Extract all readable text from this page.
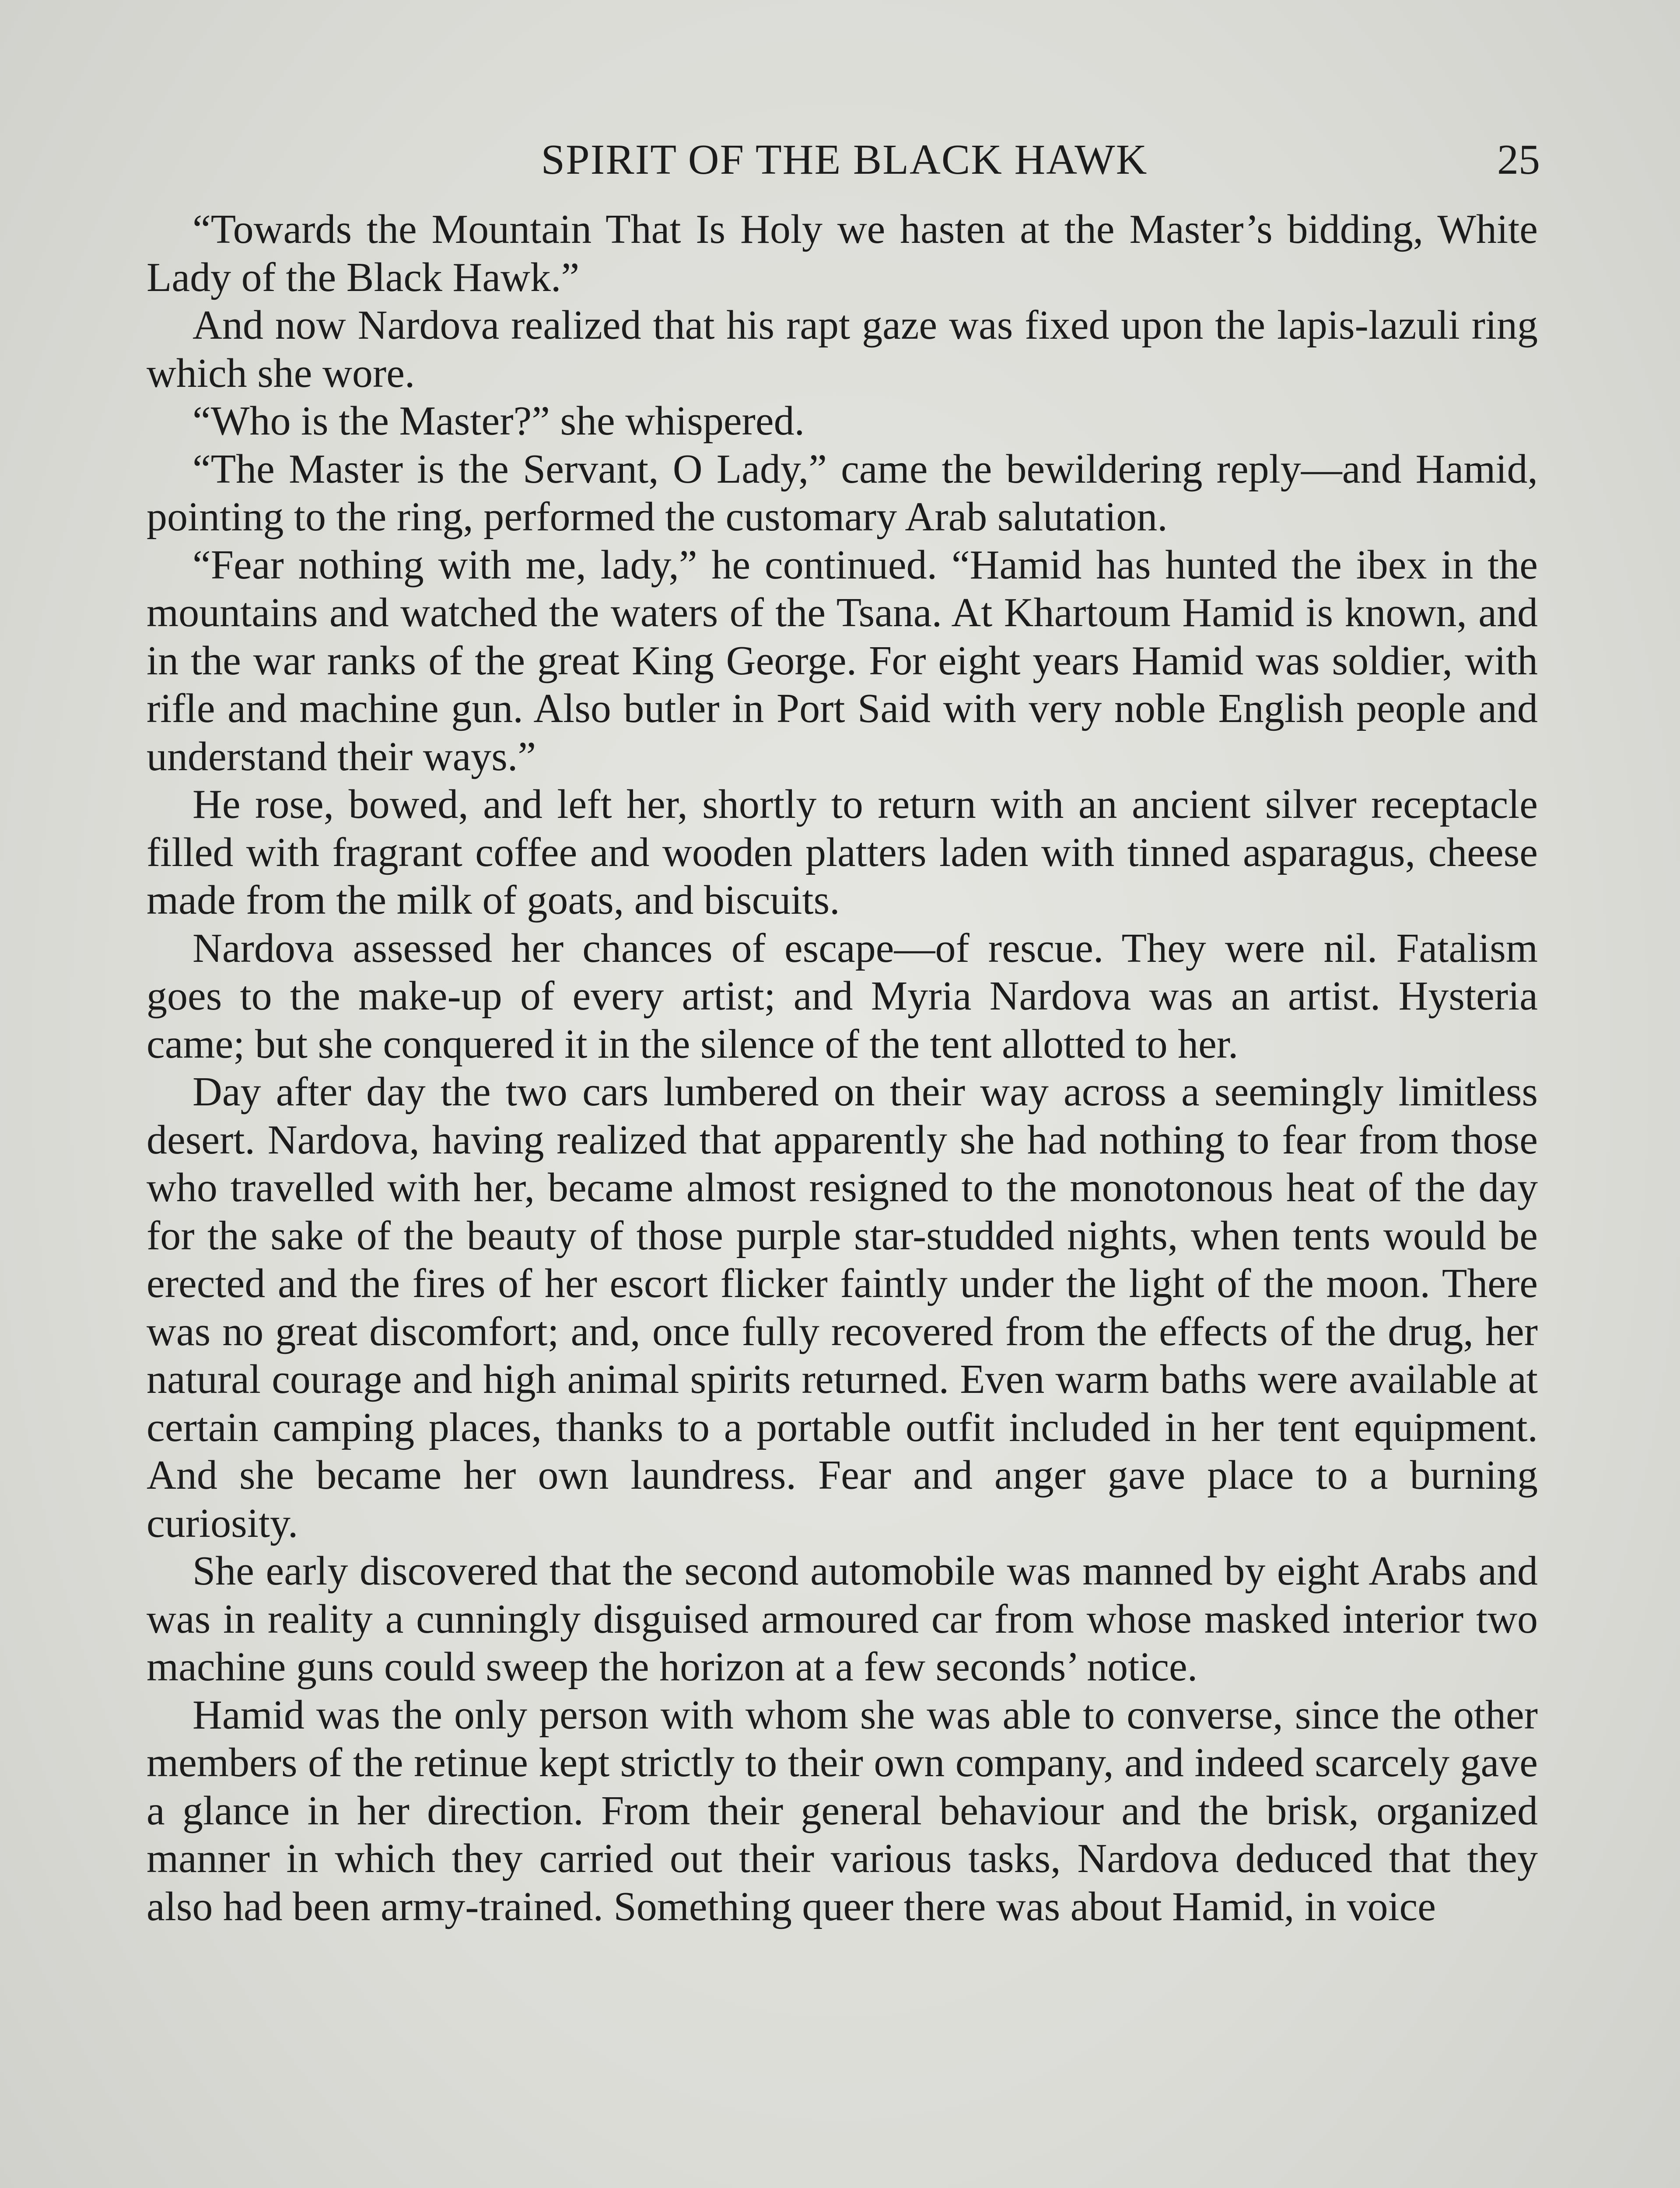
SPIRIT OF THE BLACK HAWK	25

“Towards the Mountain That Is Holy we hasten at the Master’s bidding, White Lady of the Black Hawk.”

And now Nardova realized that his rapt gaze was fixed upon the lapis-lazuli ring which she wore.

“Who is the Master?” she whispered.

“The Master is the Servant, O Lady,” came the bewildering reply—and Hamid, pointing to the ring, performed the customary Arab salutation.

“Fear nothing with me, lady,” he continued. “Hamid has hunted the ibex in the mountains and watched the waters of the Tsana. At Khartoum Hamid is known, and in the war ranks of the great King George. For eight years Hamid was soldier, with rifle and machine gun. Also butler in Port Said with very noble English people and understand their ways.”

He rose, bowed, and left her, shortly to return with an ancient silver receptacle filled with fragrant coffee and wooden platters laden with tinned asparagus, cheese made from the milk of goats, and biscuits.

Nardova assessed her chances of escape—of rescue. They were nil. Fatalism goes to the make-up of every artist; and Myria Nardova was an artist. Hysteria came; but she conquered it in the silence of the tent allotted to her.

Day after day the two cars lumbered on their way across a seemingly limitless desert. Nardova, having realized that apparently she had nothing to fear from those who travelled with her, became almost resigned to the monotonous heat of the day for the sake of the beauty of those purple star-studded nights, when tents would be erected and the fires of her escort flicker faintly under the light of the moon. There was no great discomfort; and, once fully recovered from the effects of the drug, her natural courage and high animal spirits returned. Even warm baths were available at certain camping places, thanks to a portable outfit included in her tent equipment. And she became her own laundress. Fear and anger gave place to a burning curiosity.

She early discovered that the second automobile was manned by eight Arabs and was in reality a cunningly disguised armoured car from whose masked interior two machine guns could sweep the horizon at a few seconds’ notice.

Hamid was the only person with whom she was able to converse, since the other members of the retinue kept strictly to their own company, and indeed scarcely gave a glance in her direction. From their general behaviour and the brisk, organized manner in which they carried out their various tasks, Nardova deduced that they also had been army-trained. Something queer there was about Hamid, in voice
